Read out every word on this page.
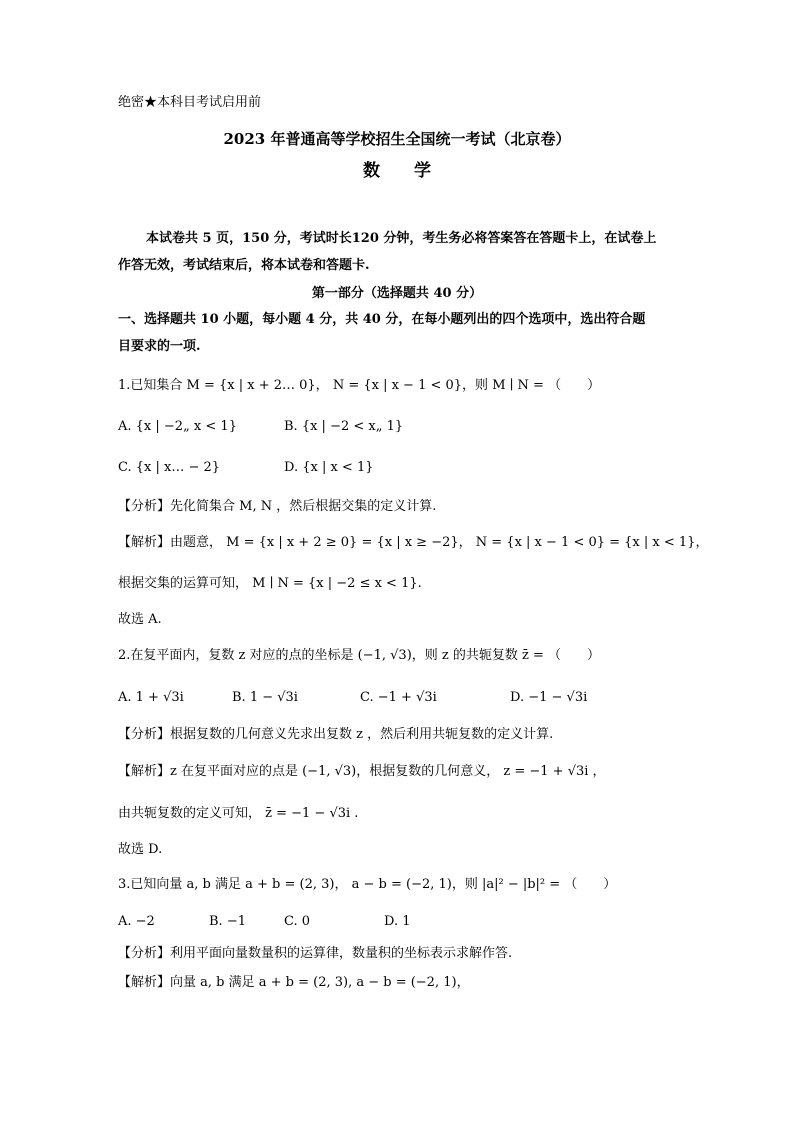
绝密★本科目考试启用前
2023 年普通高等学校招生全国统一考试（北京卷）
数　　学
本试卷共 5 页，150 分，考试时长120 分钟，考生务必将答案答在答题卡上，在试卷上
作答无效，考试结束后，将本试卷和答题卡.
第一部分（选择题共 40 分）
一、选择题共 10 小题，每小题 4 分，共 40 分，在每小题列出的四个选项中，选出符合题
目要求的一项.
1.已知集合 M = {x | x + 2… 0}， N = {x | x − 1 < 0}，则 M ∣ N = （　　）
A. {x | −2„ x < 1}	B. {x | −2 < x„ 1}
C. {x | x… − 2}	D. {x | x < 1}
【分析】先化简集合 M, N ，然后根据交集的定义计算.
【解析】由题意， M = {x | x + 2 ≥ 0} = {x | x ≥ −2}， N = {x | x − 1 < 0} = {x | x < 1}，
根据交集的运算可知， M ∣ N = {x | −2 ≤ x < 1}.
故选 A.
2.在复平面内，复数 z 对应的点的坐标是 (−1, √3)，则 z 的共轭复数 z̄ = （　　）
A. 1 + √3i	B. 1 − √3i	C. −1 + √3i	D. −1 − √3i
【分析】根据复数的几何意义先求出复数 z ，然后利用共轭复数的定义计算.
【解析】z 在复平面对应的点是 (−1, √3)，根据复数的几何意义， z = −1 + √3i ，
由共轭复数的定义可知， z̄ = −1 − √3i .
故选 D.
3.已知向量 a, b 满足 a + b = (2, 3)， a − b = (−2, 1)，则 |a|² − |b|² = （　　）
A. −2	B. −1	C. 0	D. 1
【分析】利用平面向量数量积的运算律，数量积的坐标表示求解作答.
【解析】向量 a, b 满足 a + b = (2, 3), a − b = (−2, 1)，
